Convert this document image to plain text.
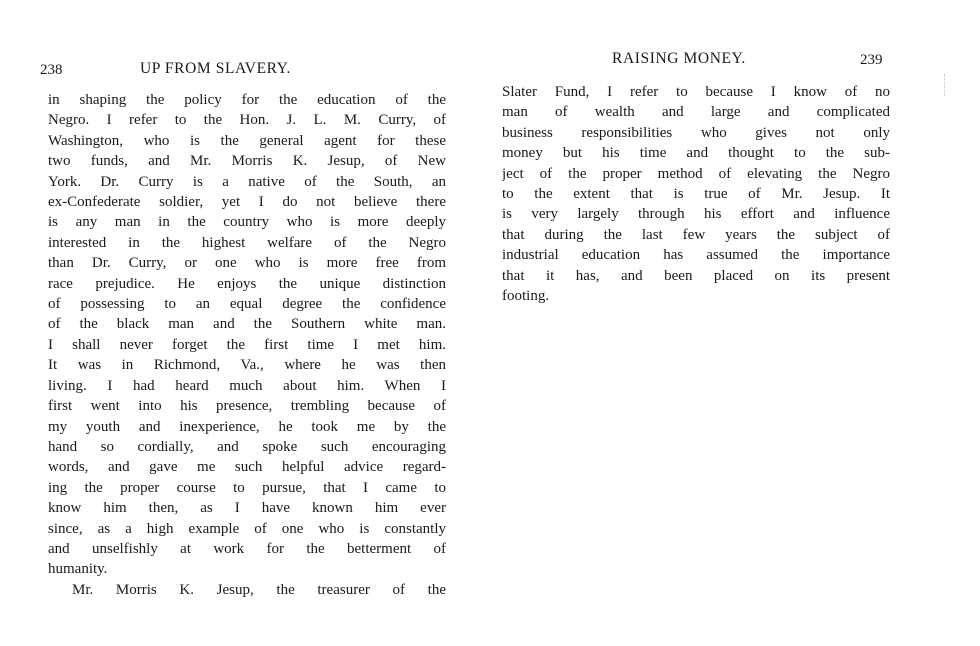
238	UP FROM SLAVERY.
in shaping the policy for the education of the
Negro. I refer to the Hon. J. L. M. Curry, of
Washington, who is the general agent for these
two funds, and Mr. Morris K. Jesup, of New
York. Dr. Curry is a native of the South, an
ex-Confederate soldier, yet I do not believe there
is any man in the country who is more deeply
interested in the highest welfare of the Negro
than Dr. Curry, or one who is more free from
race prejudice. He enjoys the unique distinction
of possessing to an equal degree the confidence
of the black man and the Southern white man.
I shall never forget the first time I met him.
It was in Richmond, Va., where he was then
living. I had heard much about him. When I
first went into his presence, trembling because of
my youth and inexperience, he took me by the
hand so cordially, and spoke such encouraging
words, and gave me such helpful advice regard-
ing the proper course to pursue, that I came to
know him then, as I have known him ever
since, as a high example of one who is constantly
and unselfishly at work for the betterment of
humanity.
Mr. Morris K. Jesup, the treasurer of the
RAISING MONEY.	239
Slater Fund, I refer to because I know of no
man of wealth and large and complicated
business responsibilities who gives not only
money but his time and thought to the sub-
ject of the proper method of elevating the Negro
to the extent that is true of Mr. Jesup. It
is very largely through his effort and influence
that during the last few years the subject of
industrial education has assumed the importance
that it has, and been placed on its present
footing.
